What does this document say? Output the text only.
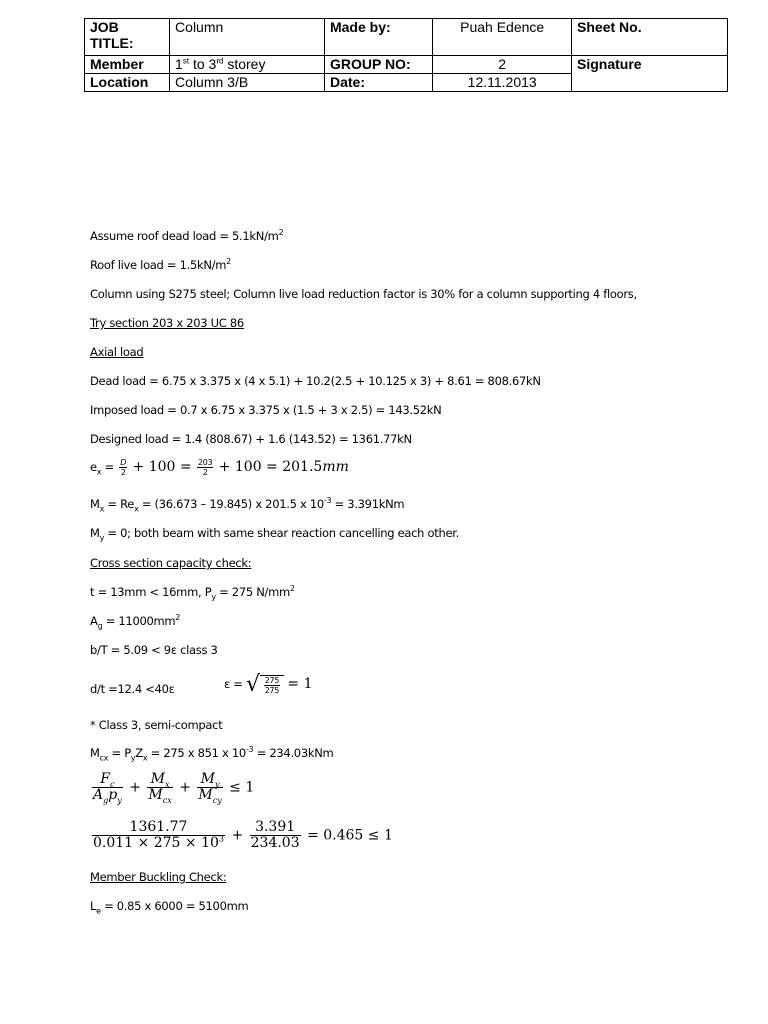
JOB
TITLE:	Column	Made by:	Puah Edence	Sheet No.
Member	1st to 3rd storey	GROUP NO:	2	Signature
Location	Column 3/B	Date:	12.11.2013	
Assume roof dead load = $5.1kN/m^2$
Roof live load = $1.5kN/m^2$
Column using S275 steel; Column live load reduction factor is 30% for a column supporting 4 floors,
Try section 203 x 203 UC 86
Axial load
Dead load = 6.75 x 3.375 x (4 x 5.1) + 10.2(2.5 + 10.125 x 3) + 8.61 = 808.67kN
Imposed load = 0.7 x 6.75 x 3.375 x (1.5 + 3 x 2.5) = 143.52kN
Designed load = 1.4 (808.67) + 1.6 (143.52) = 1361.77kN
$e_x = \frac{D}{2} + 100 = \frac{203}{2} + 100 = 201.5mm$
$M_x = Re_x = (36.673 - 19.845)$ x 201.5 x $10^{-3} = 3.391kNm$
$M_y = 0$; both beam with same shear reaction cancelling each other.
Cross section capacity check:
t = 13mm < 16mm, $P_y = 275$ $N/mm^2$
$A_g = 11000mm^2$
b/T = 5.09 < 9ε class 3
d/t =12.4 <40ε	ε = √ $\frac{275}{275} = 1$
* Class 3, semi-compact
$M_{cx} = P_yZ_x = 275$ x 851 x $10^{-3} = 234.03kNm$
$\frac{F_c}{A_gp_y} + \frac{M_x}{M_{cx}} + \frac{M_y}{M_{cy}} \le 1$
$\frac{1361.77}{0.011 \times 275 \times 10^3} + \frac{3.391}{234.03} = 0.465 \le 1$
Member Buckling Check:
$L_e = 0.85$ x 6000 = 5100mm
